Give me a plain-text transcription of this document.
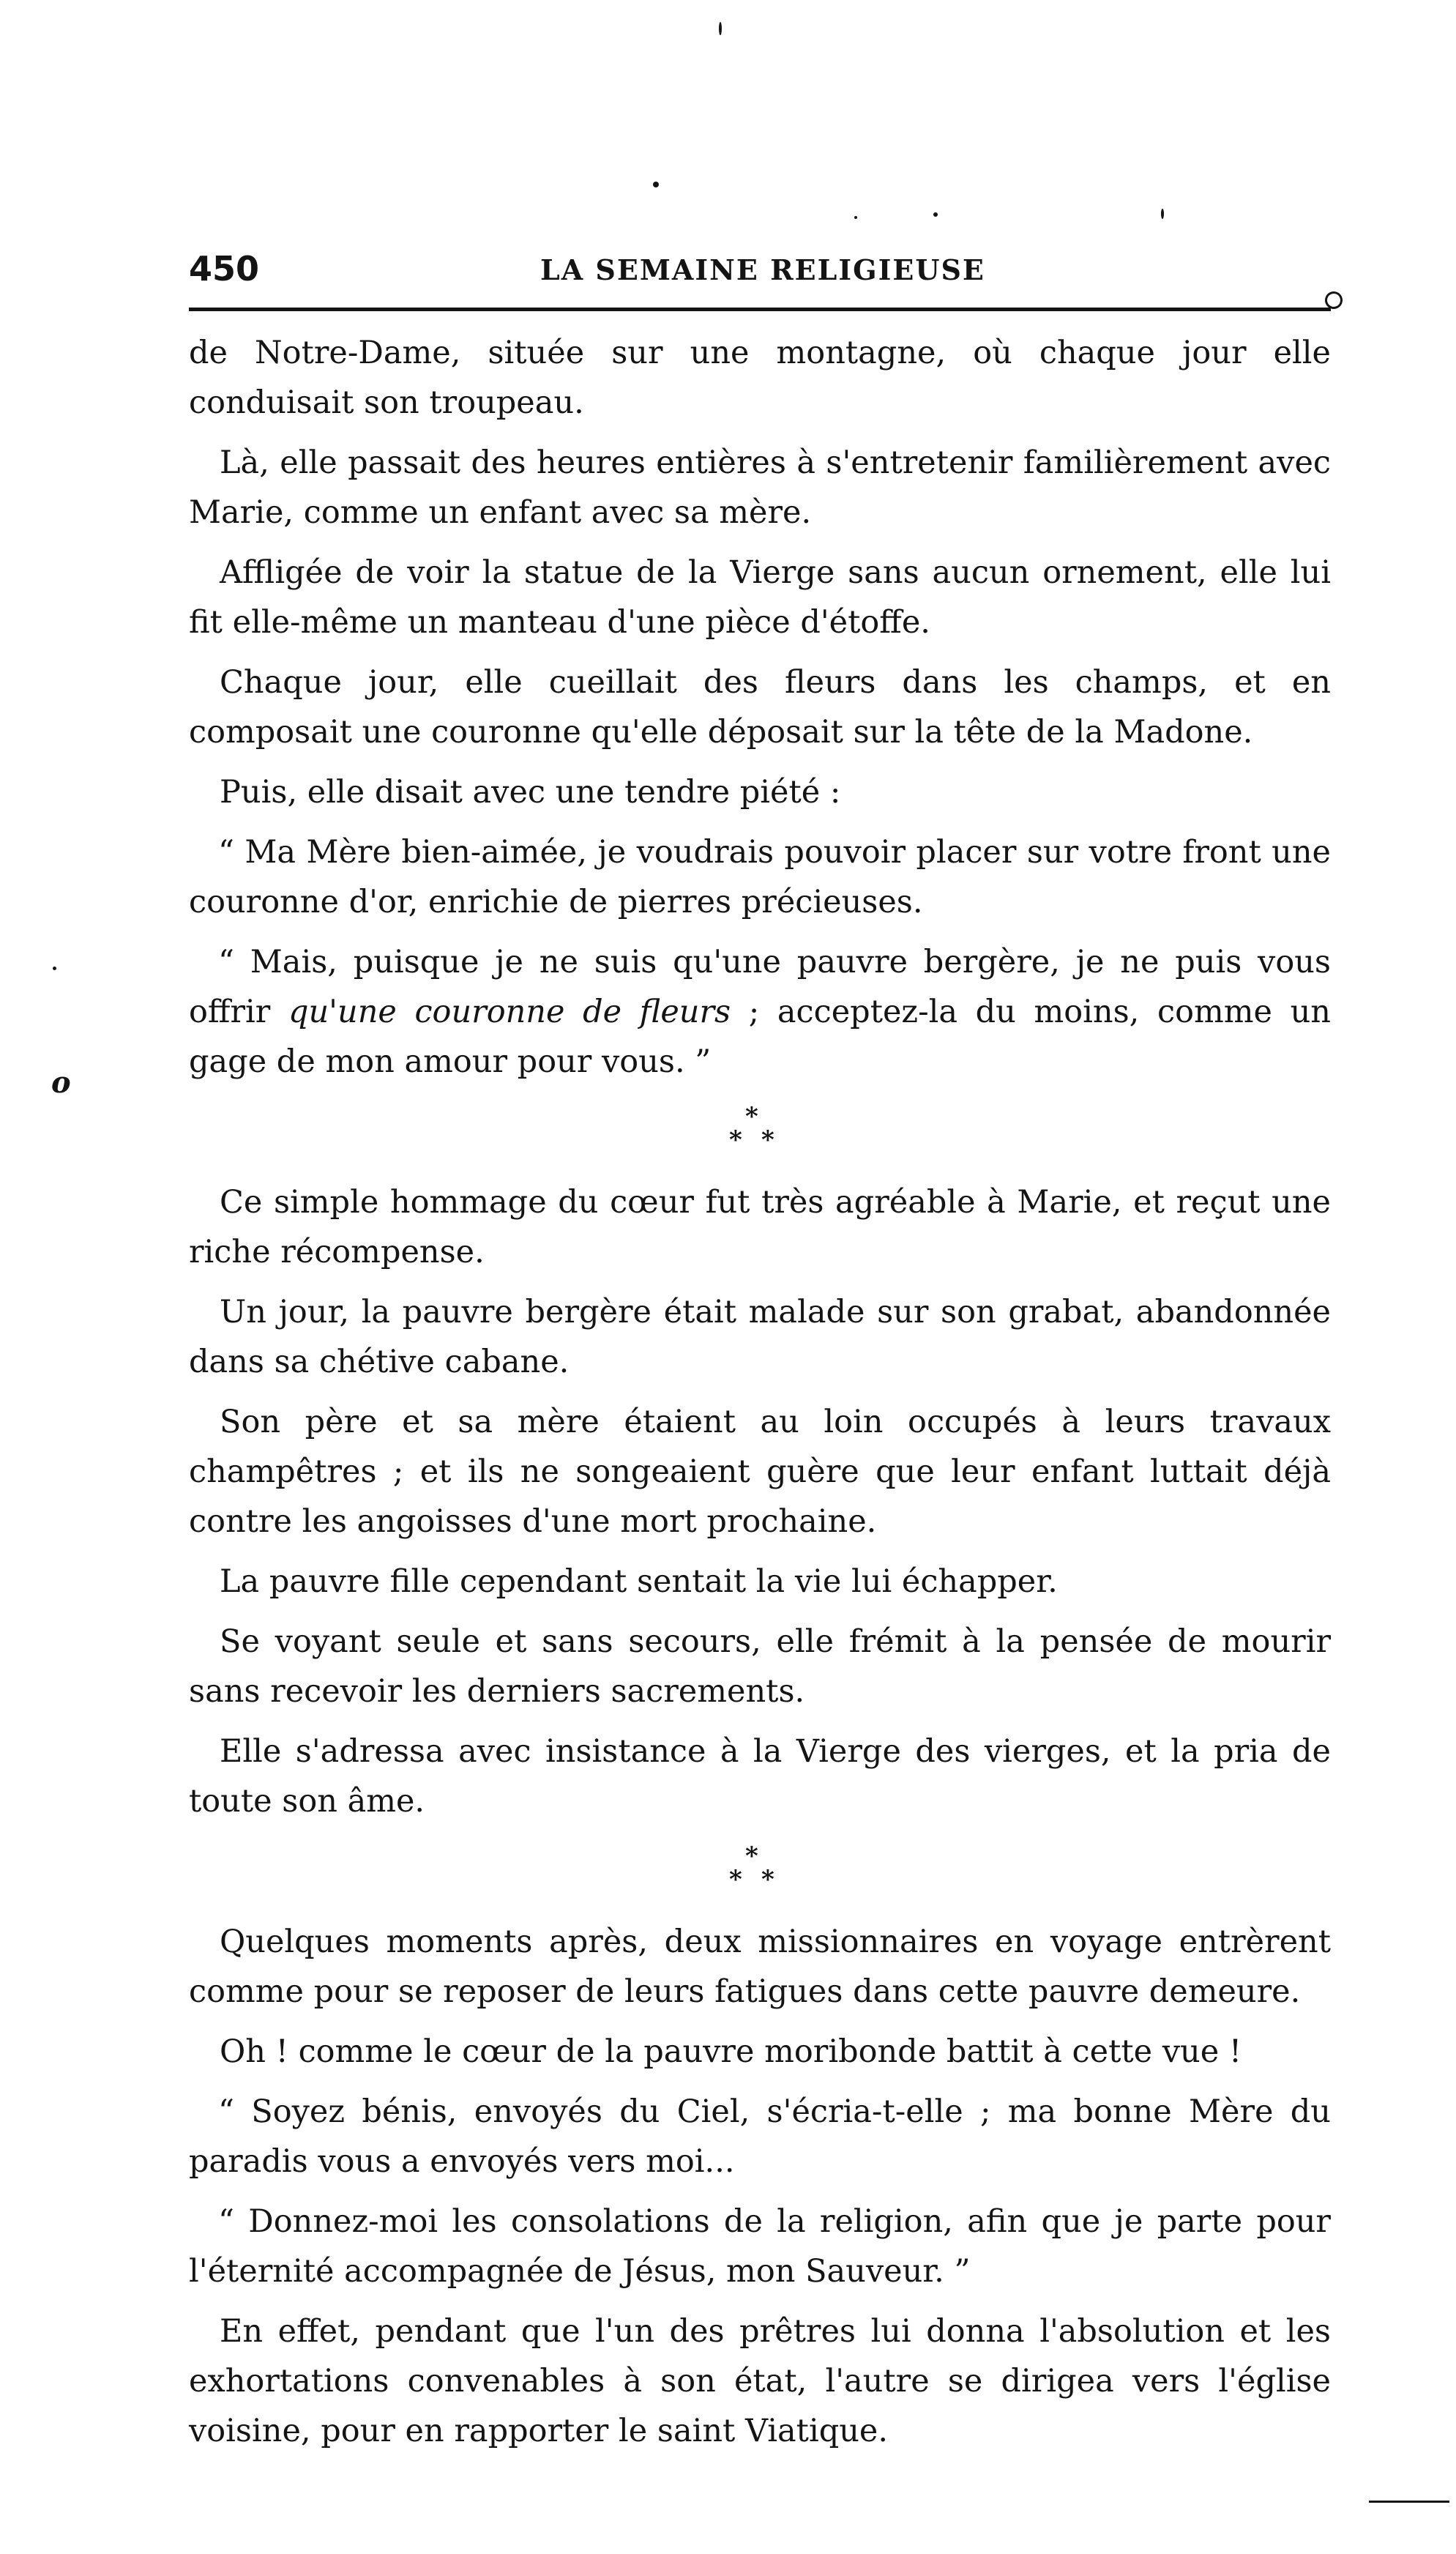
450	LA SEMAINE RELIGIEUSE
o

de Notre-Dame, située sur une montagne, où chaque jour elle conduisait son troupeau.

Là, elle passait des heures entières à s'entretenir familièrement avec Marie, comme un enfant avec sa mère.

Affligée de voir la statue de la Vierge sans aucun ornement, elle lui fit elle-même un manteau d'une pièce d'étoffe.

Chaque jour, elle cueillait des fleurs dans les champs, et en composait une couronne qu'elle déposait sur la tête de la Madone.

Puis, elle disait avec une tendre piété :

“ Ma Mère bien-aimée, je voudrais pouvoir placer sur votre front une couronne d'or, enrichie de pierres précieuses.

“ Mais, puisque je ne suis qu'une pauvre bergère, je ne puis vous offrir qu'une couronne de fleurs ; acceptez-la du moins, comme un gage de mon amour pour vous. ”

*
* *

Ce simple hommage du cœur fut très agréable à Marie, et reçut une riche récompense.

Un jour, la pauvre bergère était malade sur son grabat, abandonnée dans sa chétive cabane.

Son père et sa mère étaient au loin occupés à leurs travaux champêtres ; et ils ne songeaient guère que leur enfant luttait déjà contre les angoisses d'une mort prochaine.

La pauvre fille cependant sentait la vie lui échapper.

Se voyant seule et sans secours, elle frémit à la pensée de mourir sans recevoir les derniers sacrements.

Elle s'adressa avec insistance à la Vierge des vierges, et la pria de toute son âme.

*
* *

Quelques moments après, deux missionnaires en voyage entrèrent comme pour se reposer de leurs fatigues dans cette pauvre demeure.

Oh ! comme le cœur de la pauvre moribonde battit à cette vue !

“ Soyez bénis, envoyés du Ciel, s'écria-t-elle ; ma bonne Mère du paradis vous a envoyés vers moi...

“ Donnez-moi les consolations de la religion, afin que je parte pour l'éternité accompagnée de Jésus, mon Sauveur. ”

En effet, pendant que l'un des prêtres lui donna l'absolution et les exhortations convenables à son état, l'autre se dirigea vers l'église voisine, pour en rapporter le saint Viatique.
